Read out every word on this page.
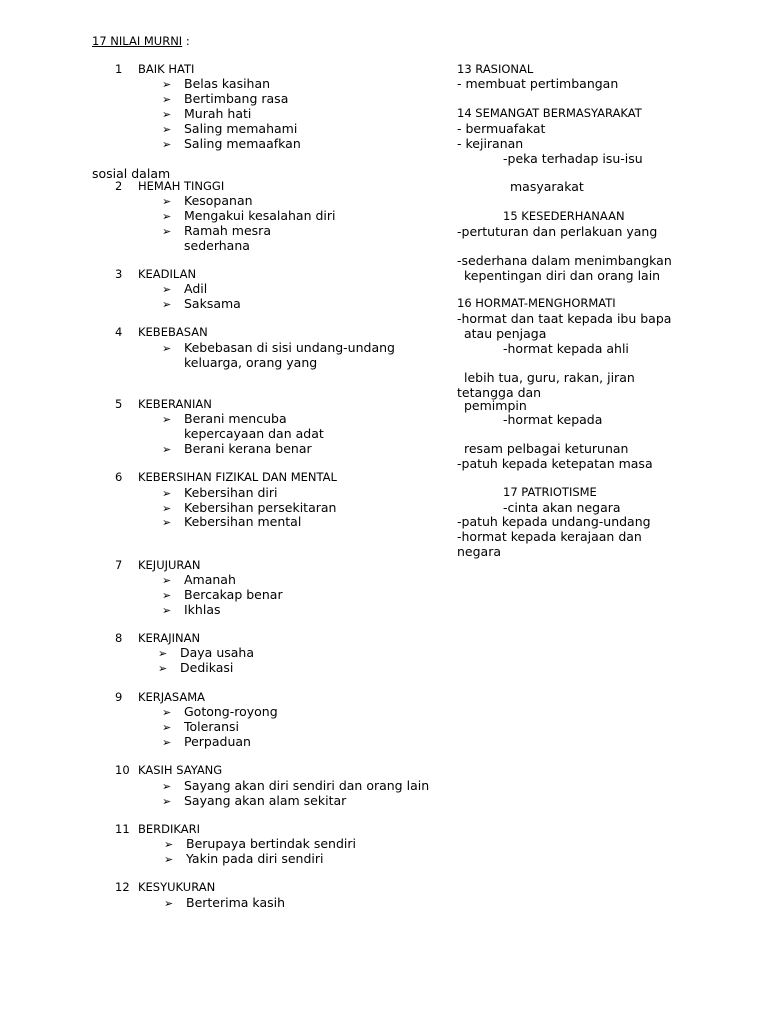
17 NILAI MURNI :
1 BAIK HATI
➢ Belas kasihan
➢ Bertimbang rasa
➢ Murah hati
➢ Saling memahami
➢ Saling memaafkan
sosial dalam
2 HEMAH TINGGI
➢ Kesopanan
➢ Mengakui kesalahan diri
➢ Ramah mesra
sederhana
3 KEADILAN
➢ Adil
➢ Saksama
4 KEBEBASAN
➢ Kebebasan di sisi undang-undang
keluarga, orang yang
5 KEBERANIAN
➢ Berani mencuba
kepercayaan dan adat
➢ Berani kerana benar
6 KEBERSIHAN FIZIKAL DAN MENTAL
➢ Kebersihan diri
➢ Kebersihan persekitaran
➢ Kebersihan mental
7 KEJUJURAN
➢ Amanah
➢ Bercakap benar
➢ Ikhlas
8 KERAJINAN
➢ Daya usaha
➢ Dedikasi
9 KERJASAMA
➢ Gotong-royong
➢ Toleransi
➢ Perpaduan
10 KASIH SAYANG
➢ Sayang akan diri sendiri dan orang lain
➢ Sayang akan alam sekitar
11 BERDIKARI
➢ Berupaya bertindak sendiri
➢ Yakin pada diri sendiri
12 KESYUKURAN
➢ Berterima kasih
13 RASIONAL
- membuat pertimbangan
14 SEMANGAT BERMASYARAKAT
- bermuafakat
- kejiranan
-peka terhadap isu-isu
masyarakat
15 KESEDERHANAAN
-pertuturan dan perlakuan yang
-sederhana dalam menimbangkan
kepentingan diri dan orang lain
16 HORMAT-MENGHORMATI
-hormat dan taat kepada ibu bapa
atau penjaga
-hormat kepada ahli
lebih tua, guru, rakan, jiran
tetangga dan
pemimpin
-hormat kepada
resam pelbagai keturunan
-patuh kepada ketepatan masa
17 PATRIOTISME
-cinta akan negara
-patuh kepada undang-undang
-hormat kepada kerajaan dan
negara
